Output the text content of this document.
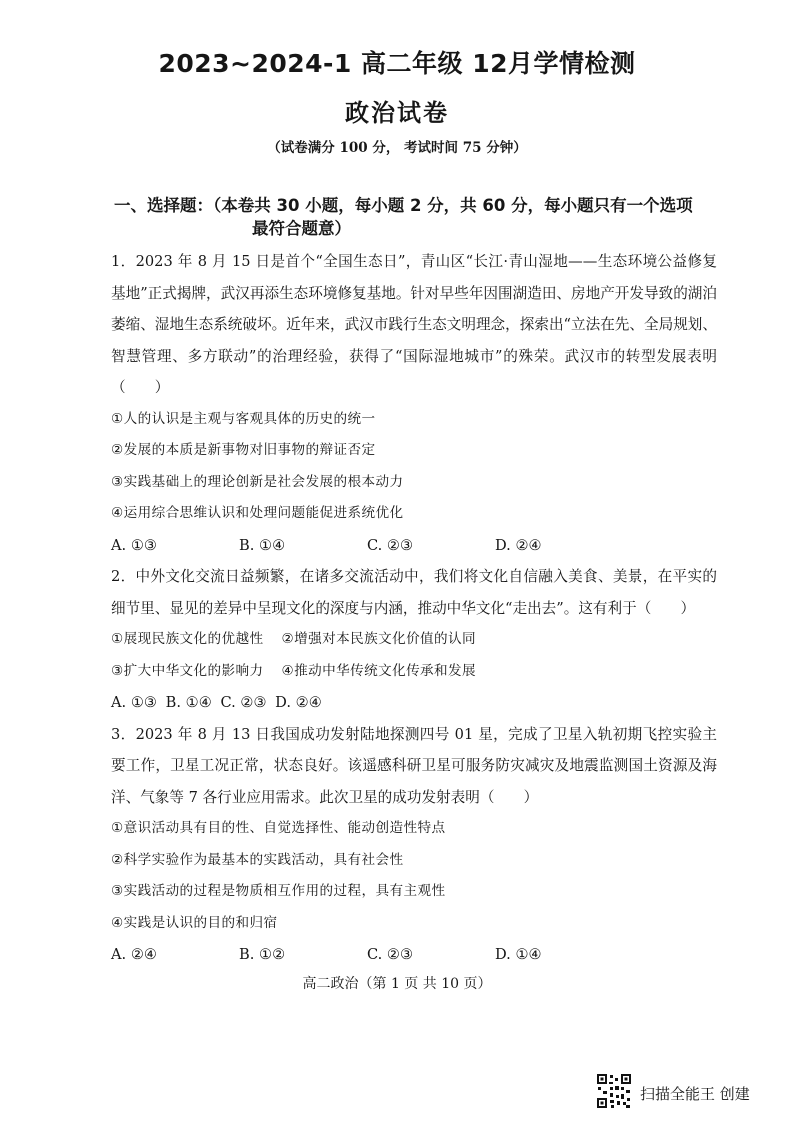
2023~2024-1 高二年级 12月学情检测
政治试卷
（试卷满分 100 分， 考试时间 75 分钟）
一、选择题：（本卷共 30 小题，每小题 2 分，共 60 分，每小题只有一个选项
最符合题意）

1．2023 年 8 月 15 日是首个“全国生态日”，青山区“长江·青山湿地——生态环境公益修复基地”正式揭牌，武汉再添生态环境修复基地。针对早些年因围湖造田、房地产开发导致的湖泊萎缩、湿地生态系统破坏。近年来，武汉市践行生态文明理念，探索出“立法在先、全局规划、智慧管理、多方联动”的治理经验，获得了“国际湿地城市”的殊荣。武汉市的转型发展表明（　　）

①人的认识是主观与客观具体的历史的统一

②发展的本质是新事物对旧事物的辩证否定

③实践基础上的理论创新是社会发展的根本动力

④运用综合思维认识和处理问题能促进系统优化

A. ①③	B. ①④	C. ②③	D. ②④

2．中外文化交流日益频繁，在诸多交流活动中，我们将文化自信融入美食、美景，在平实的细节里、显见的差异中呈现文化的深度与内涵，推动中华文化“走出去”。这有利于（　　）

①展现民族文化的优越性 ②增强对本民族文化价值的认同
③扩大中华文化的影响力 ④推动中华传统文化传承和发展
A. ①③ B. ①④ C. ②③ D. ②④

3．2023 年 8 月 13 日我国成功发射陆地探测四号 01 星，完成了卫星入轨初期飞控实验主要工作，卫星工况正常，状态良好。该遥感科研卫星可服务防灾减灾及地震监测国土资源及海洋、气象等 7 各行业应用需求。此次卫星的成功发射表明（　　）

①意识活动具有目的性、自觉选择性、能动创造性特点

②科学实验作为最基本的实践活动，具有社会性

③实践活动的过程是物质相互作用的过程，具有主观性

④实践是认识的目的和归宿

A. ②④	B. ①②	C. ②③	D. ①④
高二政治（第 1 页 共 10 页）
扫描全能王 创建
